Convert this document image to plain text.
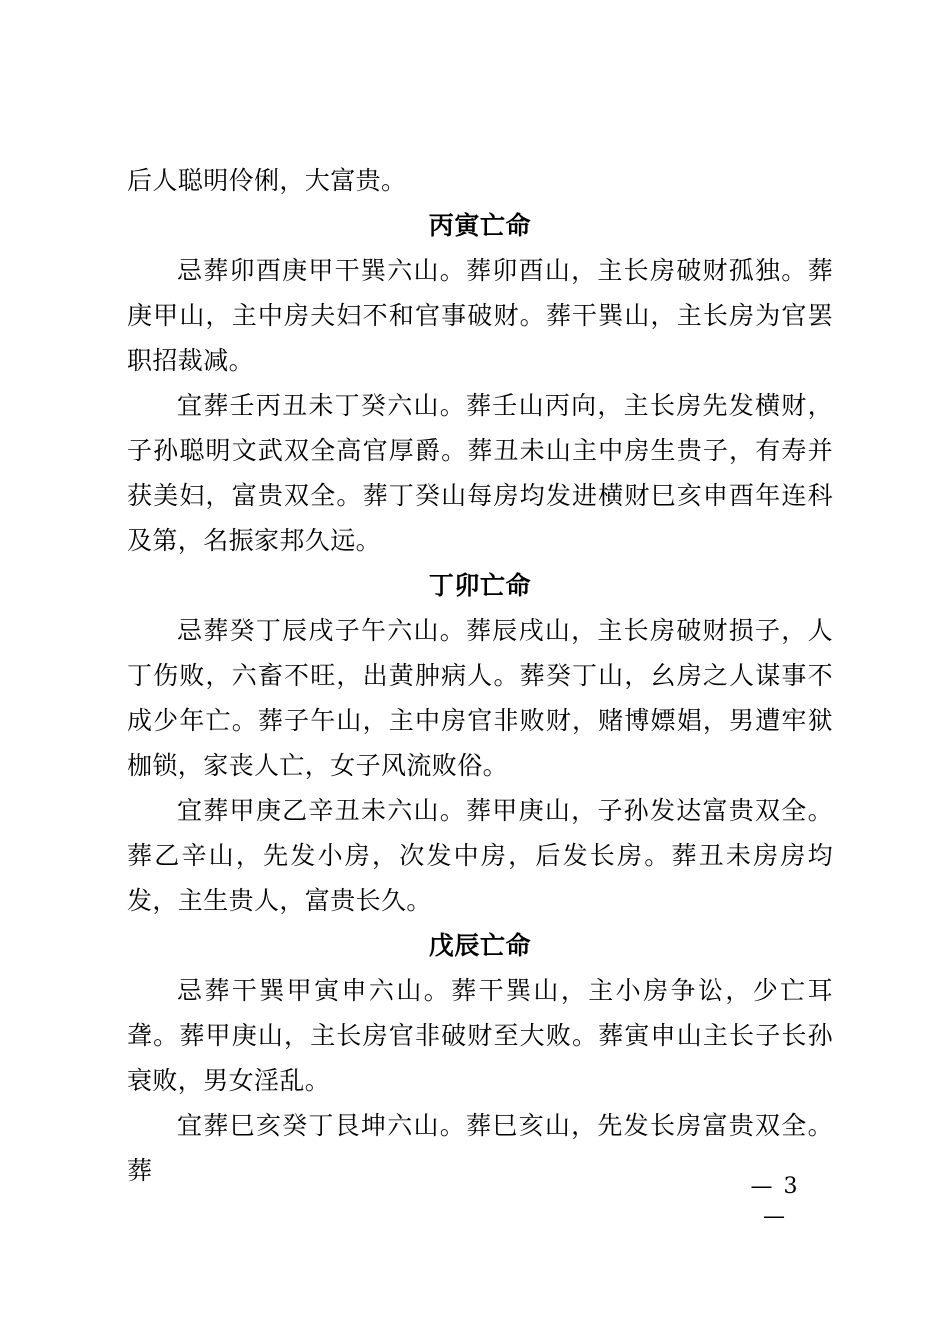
后人聪明伶俐，大富贵。

丙寅亡命

忌葬卯酉庚甲干巽六山。葬卯酉山，主长房破财孤独。葬庚甲山，主中房夫妇不和官事破财。葬干巽山，主长房为官罢职招裁减。

宜葬壬丙丑未丁癸六山。葬壬山丙向，主长房先发横财，子孙聪明文武双全高官厚爵。葬丑未山主中房生贵子，有寿并获美妇，富贵双全。葬丁癸山每房均发进横财巳亥申酉年连科及第，名振家邦久远。

丁卯亡命

忌葬癸丁辰戌子午六山。葬辰戌山，主长房破财损子，人丁伤败，六畜不旺，出黄肿病人。葬癸丁山，幺房之人谋事不成少年亡。葬子午山，主中房官非败财，赌博嫖娼，男遭牢狱枷锁，家丧人亡，女子风流败俗。

宜葬甲庚乙辛丑未六山。葬甲庚山，子孙发达富贵双全。葬乙辛山，先发小房，次发中房，后发长房。葬丑未房房均发，主生贵人，富贵长久。

戊辰亡命

忌葬干巽甲寅申六山。葬干巽山，主小房争讼，少亡耳聋。葬甲庚山，主长房官非破财至大败。葬寅申山主长子长孙衰败，男女淫乱。

宜葬巳亥癸丁艮坤六山。葬巳亥山，先发长房富贵双全。葬

— 3 —
